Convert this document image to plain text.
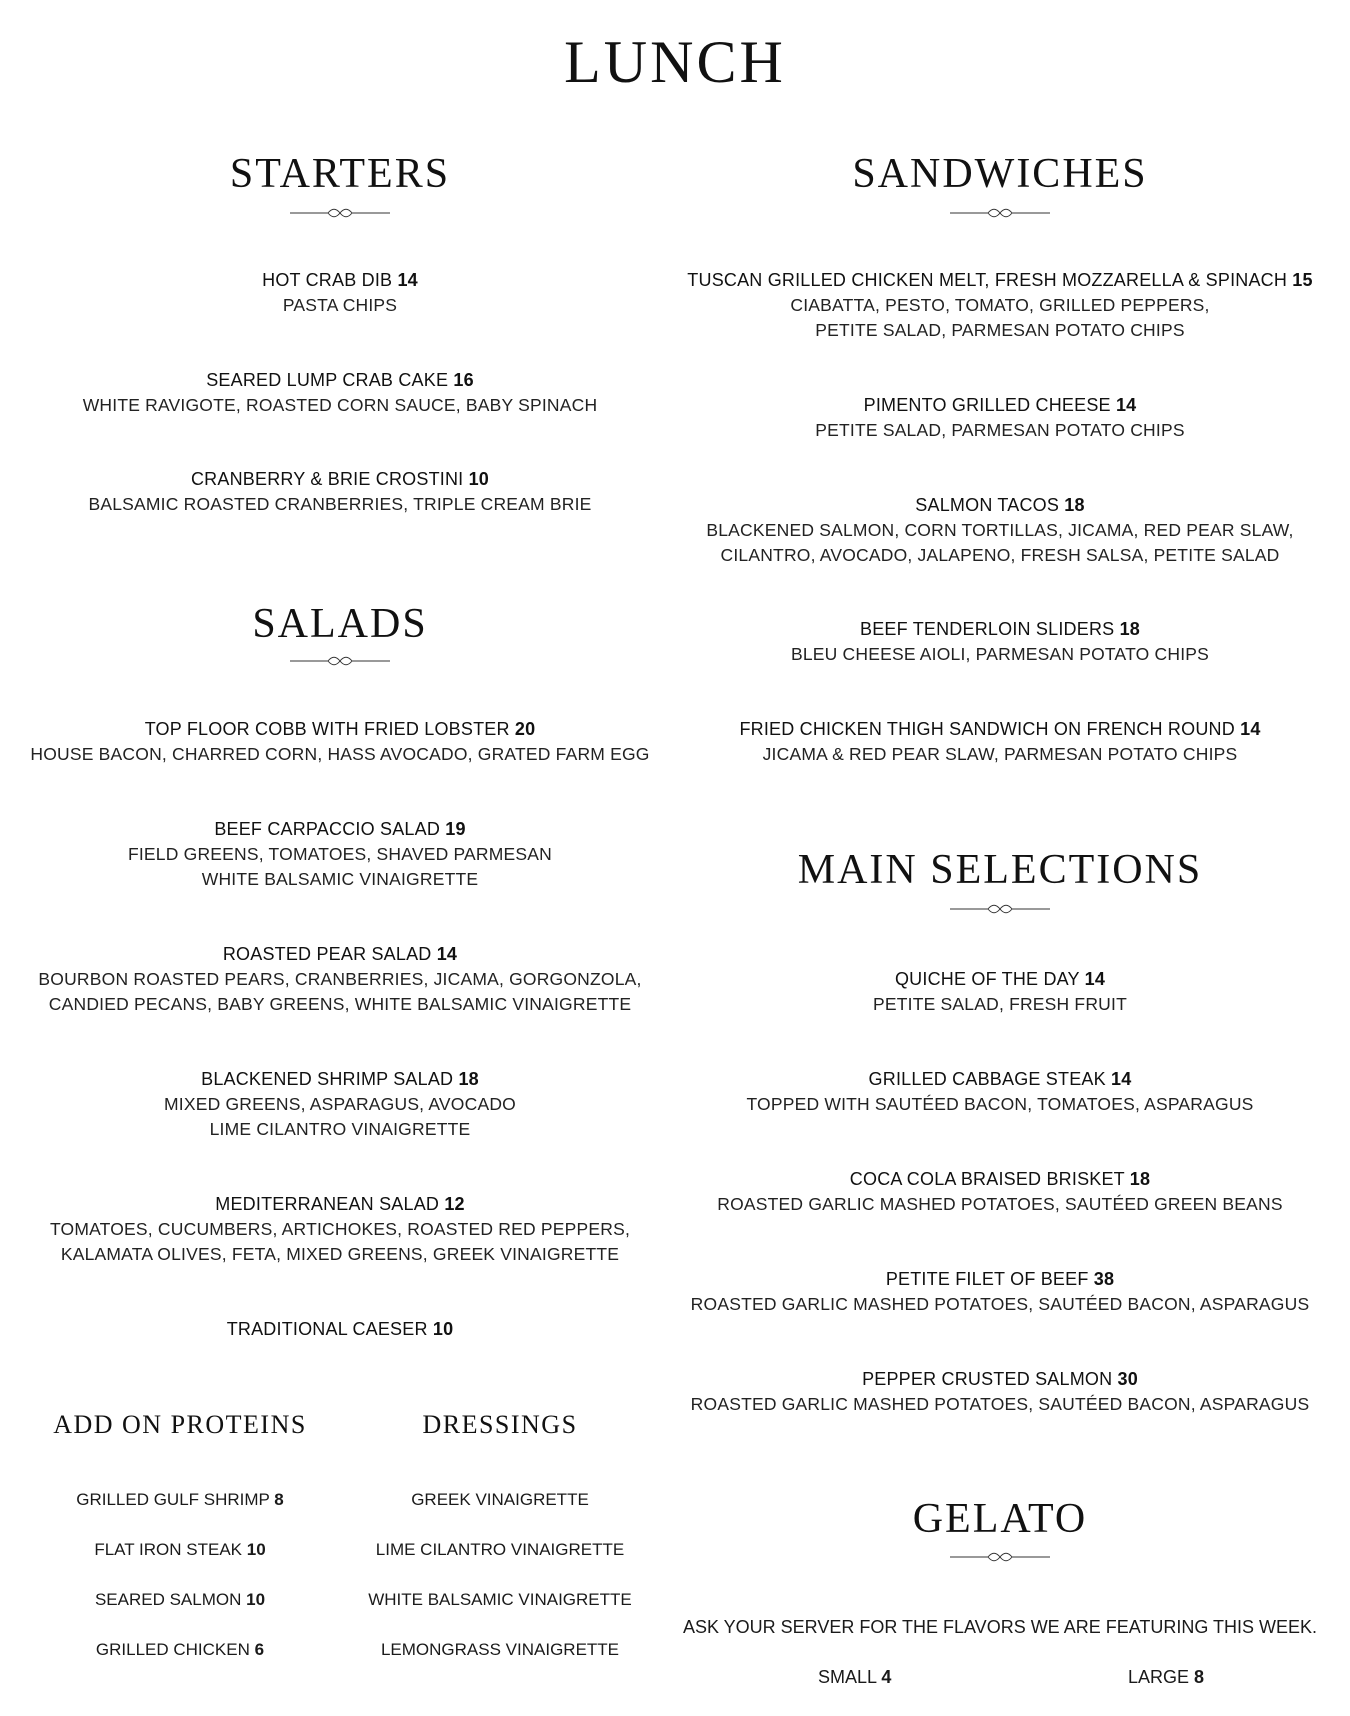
LUNCH
STARTERS
HOT CRAB DIB 14
PASTA CHIPS
SEARED LUMP CRAB CAKE 16
WHITE RAVIGOTE, ROASTED CORN SAUCE, BABY SPINACH
CRANBERRY & BRIE CROSTINI 10
BALSAMIC ROASTED CRANBERRIES, TRIPLE CREAM BRIE
SALADS
TOP FLOOR COBB WITH FRIED LOBSTER 20
HOUSE BACON, CHARRED CORN, HASS AVOCADO, GRATED FARM EGG
BEEF CARPACCIO SALAD 19
FIELD GREENS, TOMATOES, SHAVED PARMESAN
WHITE BALSAMIC VINAIGRETTE
ROASTED PEAR SALAD 14
BOURBON ROASTED PEARS, CRANBERRIES, JICAMA, GORGONZOLA,
CANDIED PECANS, BABY GREENS, WHITE BALSAMIC VINAIGRETTE
BLACKENED SHRIMP SALAD 18
MIXED GREENS, ASPARAGUS, AVOCADO
LIME CILANTRO VINAIGRETTE
MEDITERRANEAN SALAD 12
TOMATOES, CUCUMBERS, ARTICHOKES, ROASTED RED PEPPERS,
KALAMATA OLIVES, FETA, MIXED GREENS, GREEK VINAIGRETTE
TRADITIONAL CAESER 10
ADD ON PROTEINS
GRILLED GULF SHRIMP 8
FLAT IRON STEAK 10
SEARED SALMON 10
GRILLED CHICKEN 6
DRESSINGS
GREEK VINAIGRETTE
LIME CILANTRO VINAIGRETTE
WHITE BALSAMIC VINAIGRETTE
LEMONGRASS VINAIGRETTE
SANDWICHES
TUSCAN GRILLED CHICKEN MELT, FRESH MOZZARELLA & SPINACH 15
CIABATTA, PESTO, TOMATO, GRILLED PEPPERS,
PETITE SALAD, PARMESAN POTATO CHIPS
PIMENTO GRILLED CHEESE 14
PETITE SALAD, PARMESAN POTATO CHIPS
SALMON TACOS 18
BLACKENED SALMON, CORN TORTILLAS, JICAMA, RED PEAR SLAW,
CILANTRO, AVOCADO, JALAPENO, FRESH SALSA, PETITE SALAD
BEEF TENDERLOIN SLIDERS 18
BLEU CHEESE AIOLI, PARMESAN POTATO CHIPS
FRIED CHICKEN THIGH SANDWICH ON FRENCH ROUND 14
JICAMA & RED PEAR SLAW, PARMESAN POTATO CHIPS
MAIN SELECTIONS
QUICHE OF THE DAY 14
PETITE SALAD, FRESH FRUIT
GRILLED CABBAGE STEAK 14
TOPPED WITH SAUTÉED BACON, TOMATOES, ASPARAGUS
COCA COLA BRAISED BRISKET 18
ROASTED GARLIC MASHED POTATOES, SAUTÉED GREEN BEANS
PETITE FILET OF BEEF 38
ROASTED GARLIC MASHED POTATOES, SAUTÉED BACON, ASPARAGUS
PEPPER CRUSTED SALMON 30
ROASTED GARLIC MASHED POTATOES, SAUTÉED BACON, ASPARAGUS
GELATO
ASK YOUR SERVER FOR THE FLAVORS WE ARE FEATURING THIS WEEK.
SMALL 4	LARGE 8
